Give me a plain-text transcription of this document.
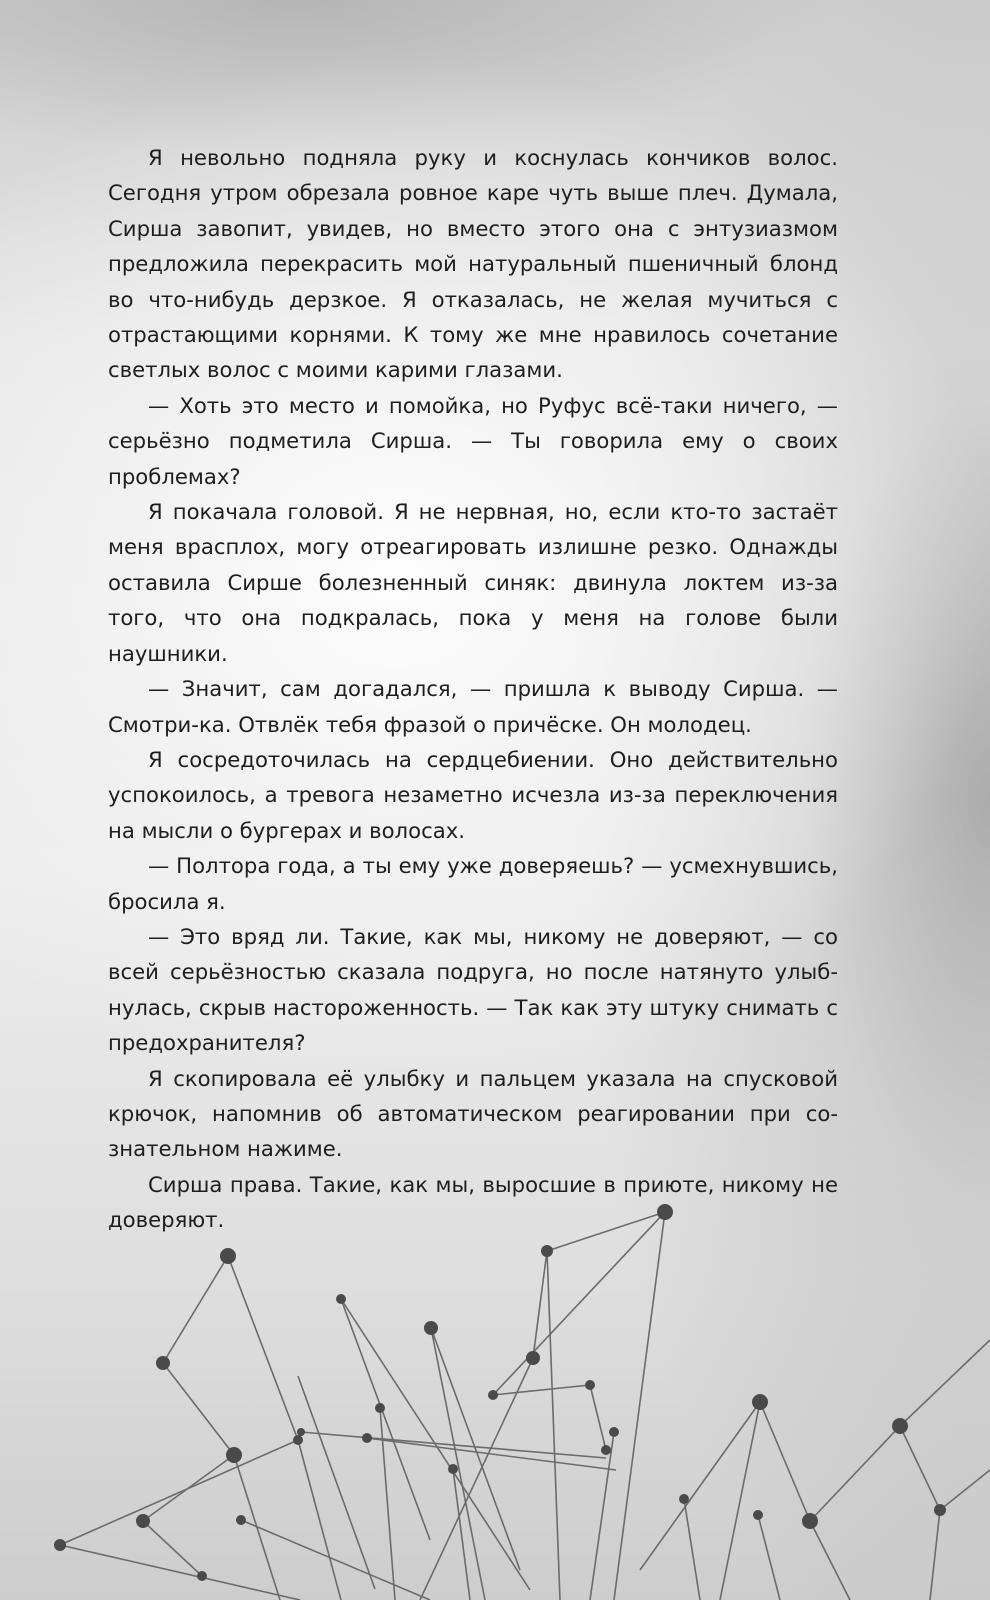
Я невольно подняла руку и коснулась кончиков волос. Сегодня утром обрезала ровное каре чуть выше плеч. Думала, Сирша завопит, увидев, но вместо этого она с энтузиазмом предложила перекрасить мой натуральный пшеничный блонд во что-нибудь дерзкое. Я отказалась, не желая мучиться с отрастающими корнями. К тому же мне нравилось сочетание светлых волос с моими карими глазами.

— Хоть это место и помойка, но Руфус всё-таки ничего, — серьёзно подметила Сирша. — Ты говорила ему о своих проблемах?

Я покачала головой. Я не нервная, но, если кто-то застаёт меня врасплох, могу отреагировать излишне резко. Однажды оставила Сирше болезненный синяк: двинула локтем из-за того, что она подкралась, пока у меня на голове были наушники.

— Значит, сам догадался, — пришла к выводу Сирша. — Смотри-ка. Отвлёк тебя фразой о причёске. Он молодец.

Я сосредоточилась на сердцебиении. Оно действительно успокоилось, а тревога незаметно исчезла из-за переключения на мысли о бургерах и волосах.

— Полтора года, а ты ему уже доверяешь? — усмехнувшись, бросила я.

— Это вряд ли. Такие, как мы, никому не доверяют, — со всей серьёзностью сказала подруга, но после натянуто улыбнулась, скрыв настороженность. — Так как эту штуку снимать с предохранителя?

Я скопировала её улыбку и пальцем указала на спусковой крючок, напомнив об автоматическом реагировании при сознательном нажиме.

Сирша права. Такие, как мы, выросшие в приюте, никому не доверяют.
